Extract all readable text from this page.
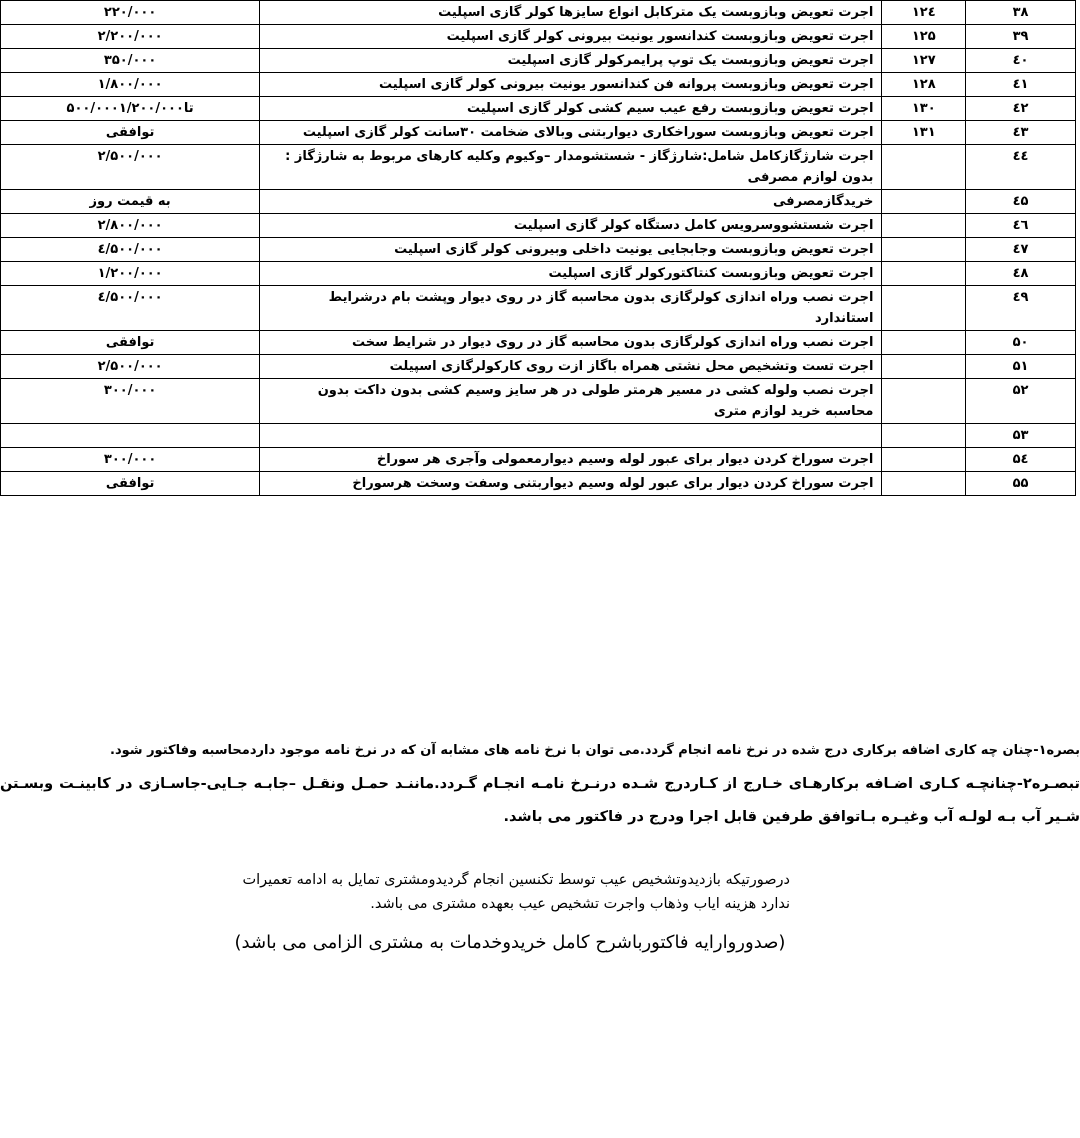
۳۸	۱۲٤	اجرت تعویض وبازوبست یک مترکابل انواع سایزها کولر گازی اسپلیت	۲۲۰/۰۰۰
۳۹	۱۲۵	اجرت تعویض وبازوبست کندانسور یونیت بیرونی کولر گازی اسپلیت	۲/۲۰۰/۰۰۰
٤۰	۱۲۷	اجرت تعویض وبازوبست یک توپ پرایمرکولر گازی اسپلیت	۳۵۰/۰۰۰
٤۱	۱۲۸	اجرت تعویض وبازوبست پروانه فن کندانسور یونیت بیرونی کولر گازی اسپلیت	۱/۸۰۰/۰۰۰
٤۲	۱۳۰	اجرت تعویض وبازوبست رفع عیب سیم کشی کولر گازی اسپلیت	۵۰۰/۰۰۰تا۱/۲۰۰/۰۰۰
٤۳	۱۳۱	اجرت تعویض وبازوبست سوراخکاری دیواربتنی وبالای ضخامت ۳۰سانت کولر گازی اسپلیت	توافقی
٤٤		اجرت شارژگازکامل شامل:شارژگاز - شستشومدار –وکیوم وکلیه کارهای مربوط به شارژگاز : بدون لوازم مصرفی	۲/۵۰۰/۰۰۰
٤۵		خریدگازمصرفی	به قیمت روز
٤٦		اجرت شستشووسرویس کامل دستگاه کولر گازی اسپلیت	۲/۸۰۰/۰۰۰
٤۷		اجرت تعویض وبازوبست وجابجایی یونیت داخلی وبیرونی کولر گازی اسپلیت	٤/۵۰۰/۰۰۰
٤۸		اجرت تعویض وبازوبست کنتاکتورکولر گازی اسپلیت	۱/۲۰۰/۰۰۰
٤۹		اجرت نصب وراه اندازی کولرگازی بدون محاسبه گاز در روی دیوار وپشت بام درشرایط استاندارد	٤/۵۰۰/۰۰۰
۵۰		اجرت نصب وراه اندازی کولرگازی بدون محاسبه گاز در روی دیوار در شرایط سخت	توافقی
۵۱		اجرت تست وتشخیص محل نشتی همراه باگاز ازت روی کارکولرگازی اسپیلت	۲/۵۰۰/۰۰۰
۵۲		اجرت نصب ولوله کشی در مسیر هرمتر طولی در هر سایز وسیم کشی بدون داکت بدون محاسبه خرید لوازم متری	۳۰۰/۰۰۰
۵۳			
۵٤		اجرت سوراخ کردن دیوار برای عبور لوله وسیم دیوارمعمولی وآجری هر سوراخ	۳۰۰/۰۰۰
۵۵		اجرت سوراخ کردن دیوار برای عبور لوله وسیم دیواربتنی وسفت وسخت هرسوراخ	توافقی

بصره۱-چنان چه کاری اضافه برکاری درج شده در نرخ نامه انجام گردد.می توان با نرخ نامه های مشابه آن که در نرخ نامه موجود داردمحاسبه وفاکتور شود.

تبصـره۲-چنانچـه کـاری اضـافه برکارهـای خـارج از کـاردرج شـده درنـرخ نامـه انجـام گـردد.ماننـد حمـل ونقـل –جابـه جـایی-جاسـازی در کابینـت وبسـتن شـیر آب بـه لولـه آب وغیـره بـاتوافق طرفین قابل اجرا ودرج در فاکتور می باشد.

درصورتیکه بازدیدوتشخیص عیب توسط تکنسین انجام گردیدومشتری تمایل به ادامه تعمیرات ندارد هزینه ایاب وذهاب واجرت تشخیص عیب بعهده مشتری می باشد.
(صدوروارایه فاکتورباشرح کامل خریدوخدمات به مشتری الزامی می باشد)
